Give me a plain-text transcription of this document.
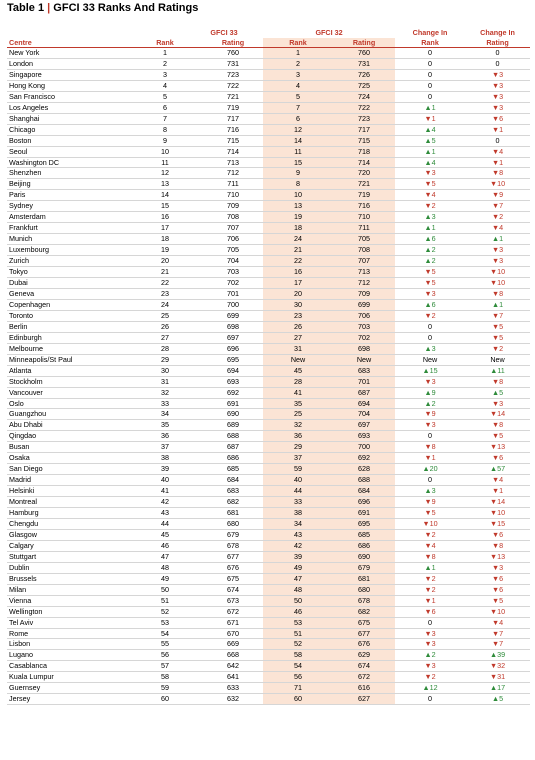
Table 1 | GFCI 33 Ranks And Ratings
	GFCI 33		GFCI 32		Change In	Change In
Centre	Rank	Rating	Rank	Rating	Rank	Rating
New York	1	760	1	760	0	0
London	2	731	2	731	0	0
Singapore	3	723	3	726	0	▼3
Hong Kong	4	722	4	725	0	▼3
San Francisco	5	721	5	724	0	▼3
Los Angeles	6	719	7	722	▲1	▼3
Shanghai	7	717	6	723	▼1	▼6
Chicago	8	716	12	717	▲4	▼1
Boston	9	715	14	715	▲5	0
Seoul	10	714	11	718	▲1	▼4
Washington DC	11	713	15	714	▲4	▼1
Shenzhen	12	712	9	720	▼3	▼8
Beijing	13	711	8	721	▼5	▼10
Paris	14	710	10	719	▼4	▼9
Sydney	15	709	13	716	▼2	▼7
Amsterdam	16	708	19	710	▲3	▼2
Frankfurt	17	707	18	711	▲1	▼4
Munich	18	706	24	705	▲6	▲1
Luxembourg	19	705	21	708	▲2	▼3
Zurich	20	704	22	707	▲2	▼3
Tokyo	21	703	16	713	▼5	▼10
Dubai	22	702	17	712	▼5	▼10
Geneva	23	701	20	709	▼3	▼8
Copenhagen	24	700	30	699	▲6	▲1
Toronto	25	699	23	706	▼2	▼7
Berlin	26	698	26	703	0	▼5
Edinburgh	27	697	27	702	0	▼5
Melbourne	28	696	31	698	▲3	▼2
Minneapolis/St Paul	29	695	New	New	New	New
Atlanta	30	694	45	683	▲15	▲11
Stockholm	31	693	28	701	▼3	▼8
Vancouver	32	692	41	687	▲9	▲5
Oslo	33	691	35	694	▲2	▼3
Guangzhou	34	690	25	704	▼9	▼14
Abu Dhabi	35	689	32	697	▼3	▼8
Qingdao	36	688	36	693	0	▼5
Busan	37	687	29	700	▼8	▼13
Osaka	38	686	37	692	▼1	▼6
San Diego	39	685	59	628	▲20	▲57
Madrid	40	684	40	688	0	▼4
Helsinki	41	683	44	684	▲3	▼1
Montreal	42	682	33	696	▼9	▼14
Hamburg	43	681	38	691	▼5	▼10
Chengdu	44	680	34	695	▼10	▼15
Glasgow	45	679	43	685	▼2	▼6
Calgary	46	678	42	686	▼4	▼8
Stuttgart	47	677	39	690	▼8	▼13
Dublin	48	676	49	679	▲1	▼3
Brussels	49	675	47	681	▼2	▼6
Milan	50	674	48	680	▼2	▼6
Vienna	51	673	50	678	▼1	▼5
Wellington	52	672	46	682	▼6	▼10
Tel Aviv	53	671	53	675	0	▼4
Rome	54	670	51	677	▼3	▼7
Lisbon	55	669	52	676	▼3	▼7
Lugano	56	668	58	629	▲2	▲39
Casablanca	57	642	54	674	▼3	▼32
Kuala Lumpur	58	641	56	672	▼2	▼31
Guernsey	59	633	71	616	▲12	▲17
Jersey	60	632	60	627	0	▲5
